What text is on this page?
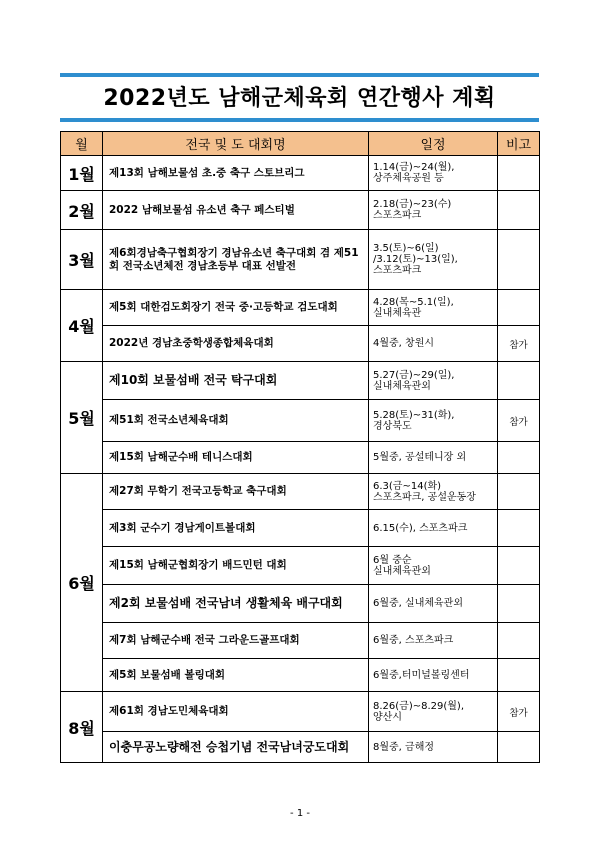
2022년도 남해군체육회 연간행사 계획
월	전국 및 도 대회명	일정	비고
1월	제13회 남해보물섬 초.중 축구 스토브리그	1.14(금)~24(월),
상주체육공원 등	

2월	2022 남해보물섬 유소년 축구 페스티벌	2.18(금)~23(수)
스포츠파크	

3월	제6회경남축구협회장기 경남유소년 축구대회 겸 제51회 전국소년체전 경남초등부 대표 선발전	3.5(토)~6(일)
/3.12(토)~13(일),
스포츠파크	

4월	제5회 대한검도회장기 전국 중·고등학교 검도대회	4.28(목~5.1(일),
실내체육관	

	2022년 경남초중학생종합체육대회	4월중, 창원시	참가
5월	제10회 보물섬배 전국 탁구대회	5.27(금)~29(일),
실내체육관외	

	제51회 전국소년체육대회	5.28(토)~31(화),
경상북도	참가
	제15회 남해군수배 테니스대회	5월중, 공설테니장 외	

6월	제27회 무학기 전국고등학교 축구대회	6.3(금~14(화)
스포츠파크, 공설운동장	

	제3회 군수기 경남게이트볼대회	6.15(수), 스포츠파크	

	제15회 남해군협회장기 배드민턴 대회	6월 중순
실내체육관외	

	제2회 보물섬배 전국남녀 생활체육 배구대회	6월중, 실내체육관외	

	제7회 남해군수배 전국 그라운드골프대회	6월중, 스포츠파크	

	제5회 보물섬배 볼링대회	6월중,터미널볼링센터	

8월	제61회 경남도민체육대회	8.26(금)~8.29(월),
양산시	참가
	이충무공노량해전 승첩기념 전국남녀궁도대회	8월중, 금해정	

- 1 -
